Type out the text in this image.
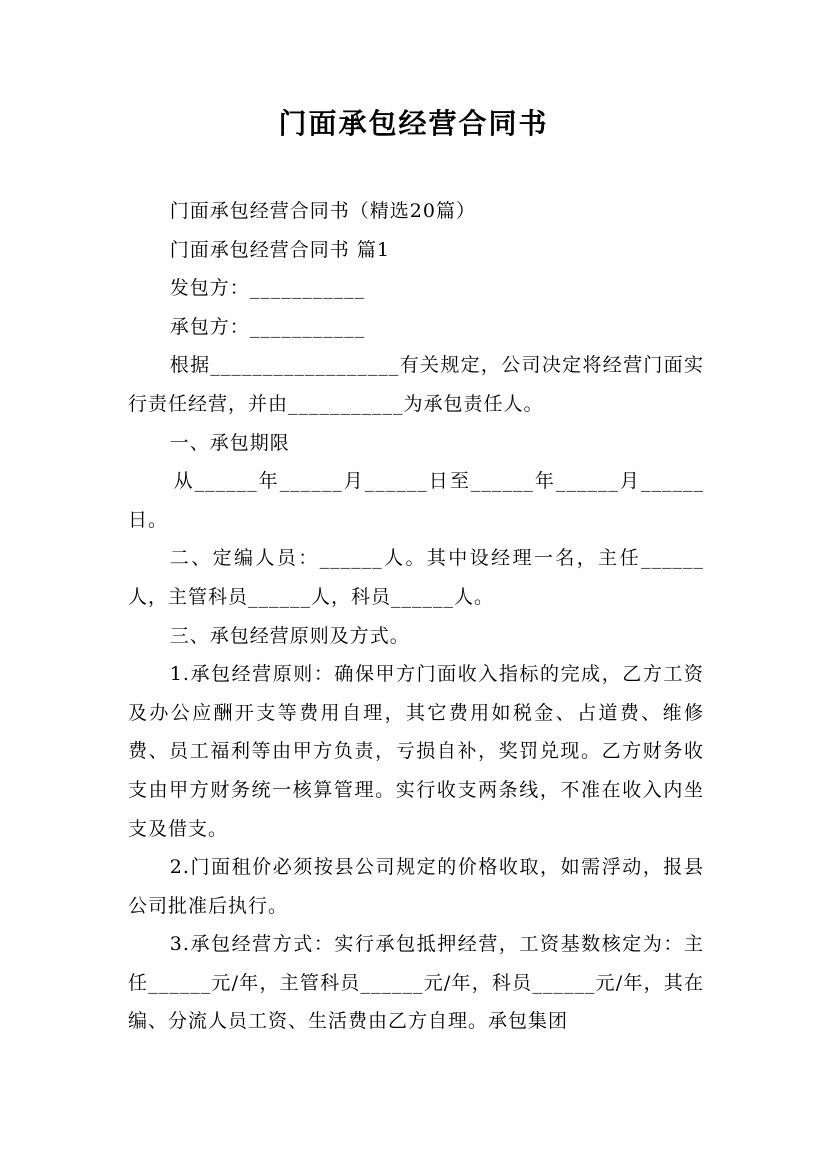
门面承包经营合同书

门面承包经营合同书（精选20篇）

门面承包经营合同书 篇1

发包方：___________

承包方：___________

根据__________________有关规定，公司决定将经营门面实行责任经营，并由___________为承包责任人。

一、承包期限

从______年______月______日至______年______月______日。

二、定编人员：______人。其中设经理一名，主任______人，主管科员______人，科员______人。

三、承包经营原则及方式。

1.承包经营原则：确保甲方门面收入指标的完成，乙方工资及办公应酬开支等费用自理，其它费用如税金、占道费、维修费、员工福利等由甲方负责，亏损自补，奖罚兑现。乙方财务收支由甲方财务统一核算管理。实行收支两条线，不准在收入内坐支及借支。

2.门面租价必须按县公司规定的价格收取，如需浮动，报县公司批准后执行。

3.承包经营方式：实行承包抵押经营，工资基数核定为：主任______元/年，主管科员______元/年，科员______元/年，其在编、分流人员工资、生活费由乙方自理。承包集团
